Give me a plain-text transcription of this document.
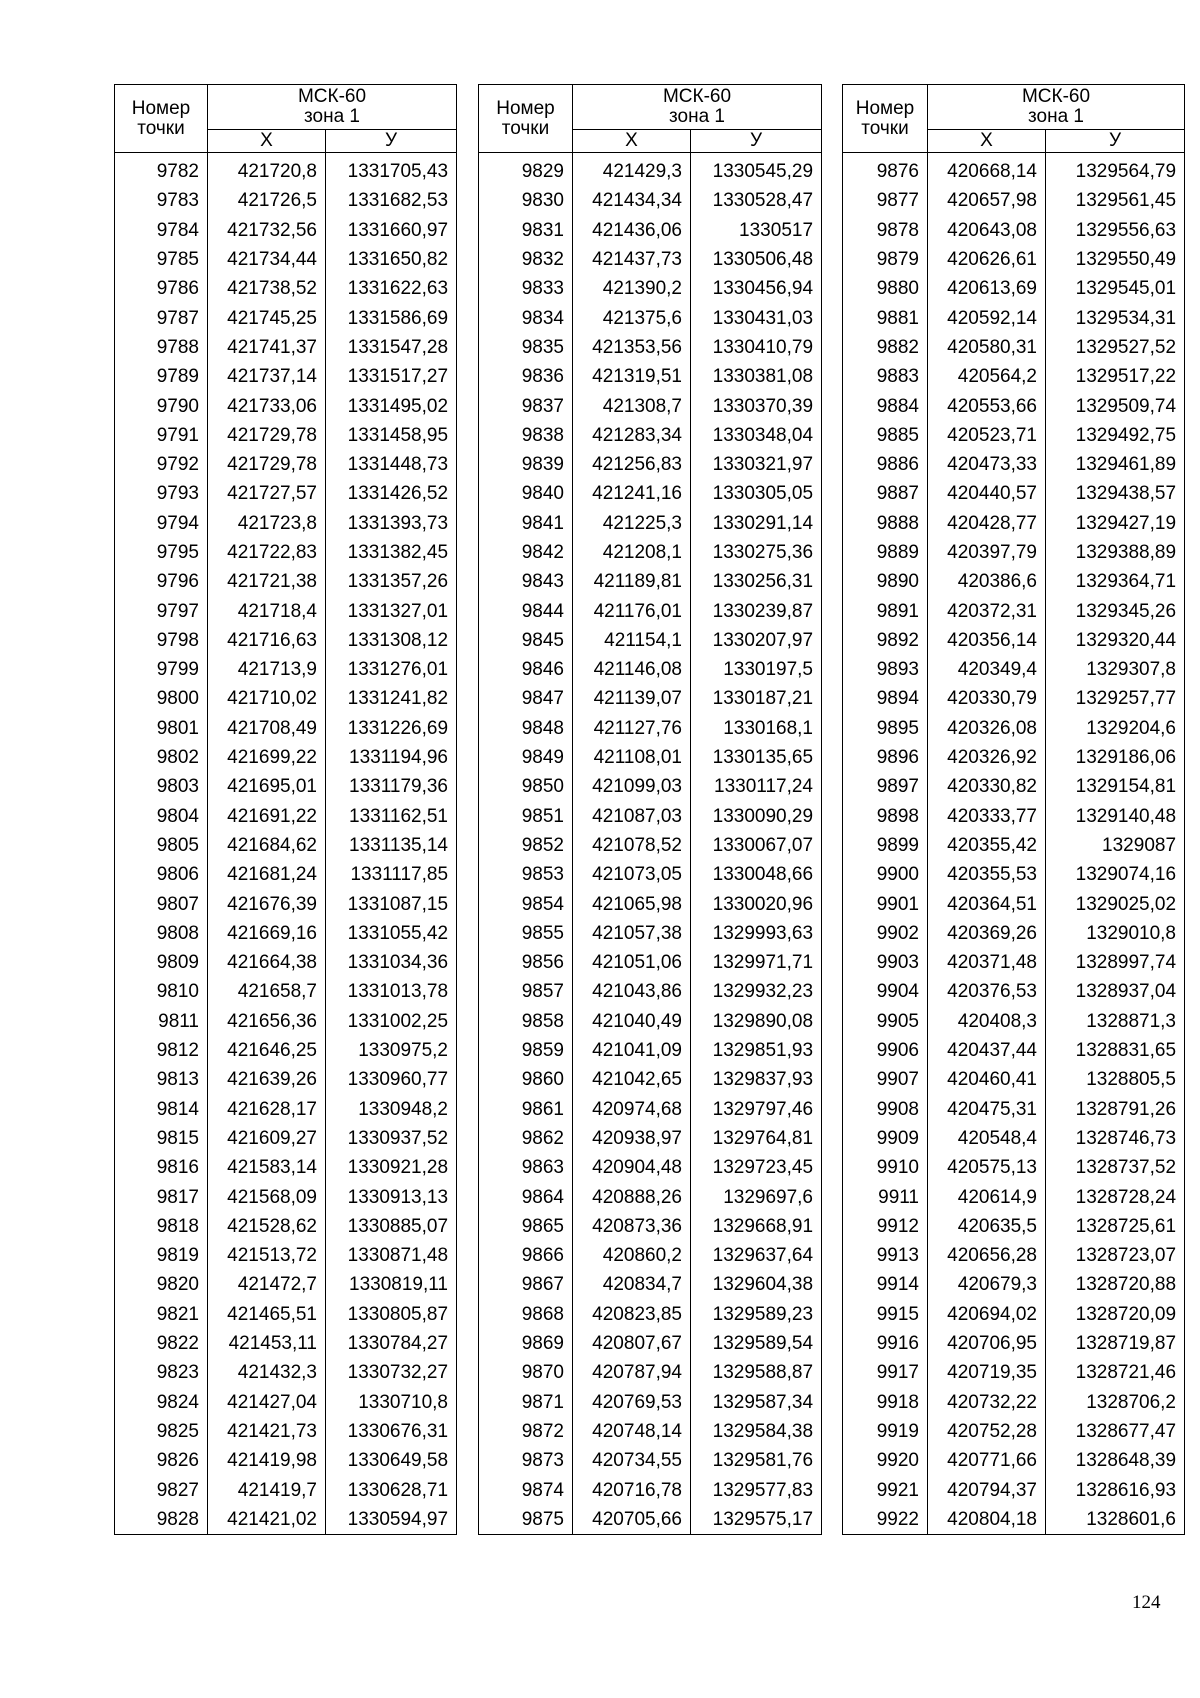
Номер точки	МСК-60
зона 1	

	Х	У

9782	421720,8	1331705,43
9783	421726,5	1331682,53
9784	421732,56	1331660,97
9785	421734,44	1331650,82
9786	421738,52	1331622,63
9787	421745,25	1331586,69
9788	421741,37	1331547,28
9789	421737,14	1331517,27
9790	421733,06	1331495,02
9791	421729,78	1331458,95
9792	421729,78	1331448,73
9793	421727,57	1331426,52
9794	421723,8	1331393,73
9795	421722,83	1331382,45
9796	421721,38	1331357,26
9797	421718,4	1331327,01
9798	421716,63	1331308,12
9799	421713,9	1331276,01
9800	421710,02	1331241,82
9801	421708,49	1331226,69
9802	421699,22	1331194,96
9803	421695,01	1331179,36
9804	421691,22	1331162,51
9805	421684,62	1331135,14
9806	421681,24	1331117,85
9807	421676,39	1331087,15
9808	421669,16	1331055,42
9809	421664,38	1331034,36
9810	421658,7	1331013,78
9811	421656,36	1331002,25
9812	421646,25	1330975,2
9813	421639,26	1330960,77
9814	421628,17	1330948,2
9815	421609,27	1330937,52
9816	421583,14	1330921,28
9817	421568,09	1330913,13
9818	421528,62	1330885,07
9819	421513,72	1330871,48
9820	421472,7	1330819,11
9821	421465,51	1330805,87
9822	421453,11	1330784,27
9823	421432,3	1330732,27
9824	421427,04	1330710,8
9825	421421,73	1330676,31
9826	421419,98	1330649,58
9827	421419,7	1330628,71
9828	421421,02	1330594,97
Номер точки	МСК-60
зона 1	

	Х	У

9829	421429,3	1330545,29
9830	421434,34	1330528,47
9831	421436,06	1330517
9832	421437,73	1330506,48
9833	421390,2	1330456,94
9834	421375,6	1330431,03
9835	421353,56	1330410,79
9836	421319,51	1330381,08
9837	421308,7	1330370,39
9838	421283,34	1330348,04
9839	421256,83	1330321,97
9840	421241,16	1330305,05
9841	421225,3	1330291,14
9842	421208,1	1330275,36
9843	421189,81	1330256,31
9844	421176,01	1330239,87
9845	421154,1	1330207,97
9846	421146,08	1330197,5
9847	421139,07	1330187,21
9848	421127,76	1330168,1
9849	421108,01	1330135,65
9850	421099,03	1330117,24
9851	421087,03	1330090,29
9852	421078,52	1330067,07
9853	421073,05	1330048,66
9854	421065,98	1330020,96
9855	421057,38	1329993,63
9856	421051,06	1329971,71
9857	421043,86	1329932,23
9858	421040,49	1329890,08
9859	421041,09	1329851,93
9860	421042,65	1329837,93
9861	420974,68	1329797,46
9862	420938,97	1329764,81
9863	420904,48	1329723,45
9864	420888,26	1329697,6
9865	420873,36	1329668,91
9866	420860,2	1329637,64
9867	420834,7	1329604,38
9868	420823,85	1329589,23
9869	420807,67	1329589,54
9870	420787,94	1329588,87
9871	420769,53	1329587,34
9872	420748,14	1329584,38
9873	420734,55	1329581,76
9874	420716,78	1329577,83
9875	420705,66	1329575,17
Номер точки	МСК-60
зона 1	

	Х	У

9876	420668,14	1329564,79
9877	420657,98	1329561,45
9878	420643,08	1329556,63
9879	420626,61	1329550,49
9880	420613,69	1329545,01
9881	420592,14	1329534,31
9882	420580,31	1329527,52
9883	420564,2	1329517,22
9884	420553,66	1329509,74
9885	420523,71	1329492,75
9886	420473,33	1329461,89
9887	420440,57	1329438,57
9888	420428,77	1329427,19
9889	420397,79	1329388,89
9890	420386,6	1329364,71
9891	420372,31	1329345,26
9892	420356,14	1329320,44
9893	420349,4	1329307,8
9894	420330,79	1329257,77
9895	420326,08	1329204,6
9896	420326,92	1329186,06
9897	420330,82	1329154,81
9898	420333,77	1329140,48
9899	420355,42	1329087
9900	420355,53	1329074,16
9901	420364,51	1329025,02
9902	420369,26	1329010,8
9903	420371,48	1328997,74
9904	420376,53	1328937,04
9905	420408,3	1328871,3
9906	420437,44	1328831,65
9907	420460,41	1328805,5
9908	420475,31	1328791,26
9909	420548,4	1328746,73
9910	420575,13	1328737,52
9911	420614,9	1328728,24
9912	420635,5	1328725,61
9913	420656,28	1328723,07
9914	420679,3	1328720,88
9915	420694,02	1328720,09
9916	420706,95	1328719,87
9917	420719,35	1328721,46
9918	420732,22	1328706,2
9919	420752,28	1328677,47
9920	420771,66	1328648,39
9921	420794,37	1328616,93
9922	420804,18	1328601,6
124
